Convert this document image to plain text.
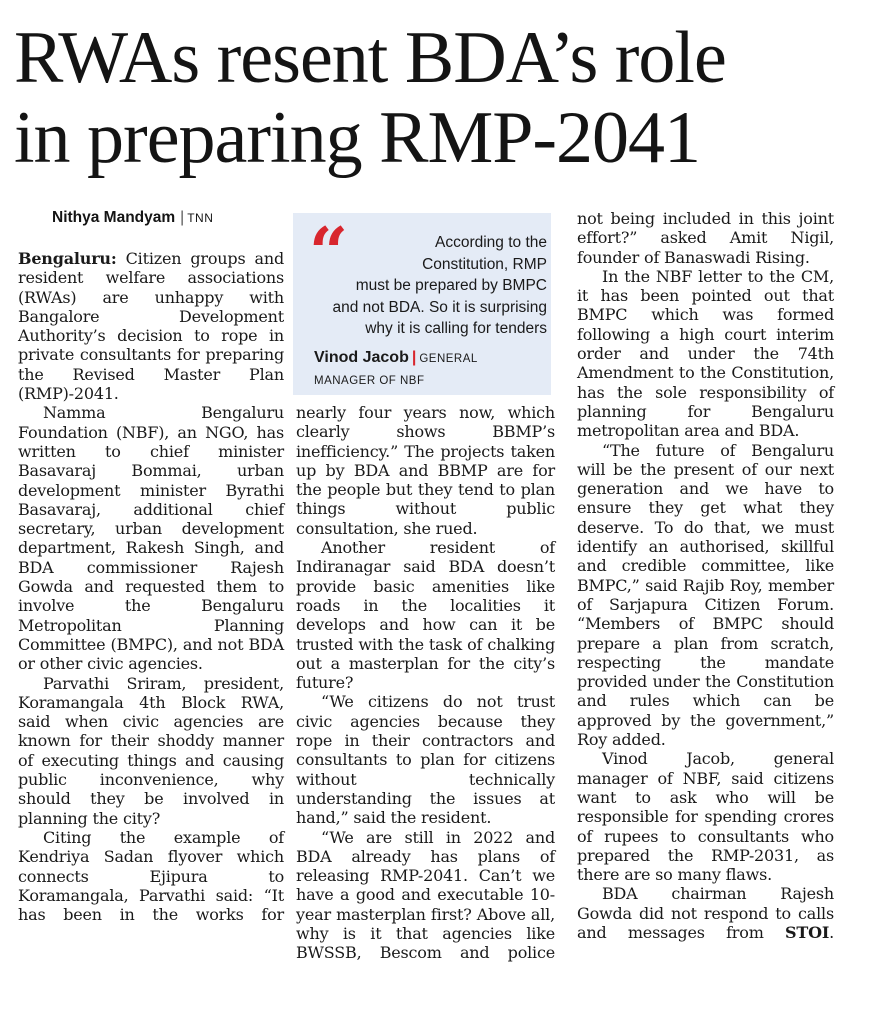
RWAs resent BDA’s role
in preparing RMP-2041
Nithya Mandyam | TNN

Bengaluru: Citizen groups and resident welfare associations (RWAs) are unhappy with Bangalore Development Authority’s decision to rope in private consultants for preparing the Revised Master Plan (RMP)-2041.

Namma Bengaluru Foundation (NBF), an NGO, has written to chief minister Basavaraj Bommai, urban development minister Byrathi Basavaraj, additional chief secretary, urban development department, Rakesh Singh, and BDA commissioner Rajesh Gowda and requested them to involve the Bengaluru Metropolitan Planning Committee (BMPC), and not BDA or other civic agencies.

Parvathi Sriram, president, Koramangala 4th Block RWA, said when civic agencies are known for their shoddy manner of executing things and causing public inconvenience, why should they be involved in planning the city?

Citing the example of Kendriya Sadan flyover which connects Ejipura to Koramangala, Parvathi said: “It has been in the works for

“	According to the
Constitution, RMP
must be prepared by BMPC
and not BDA. So it is surprising
why it is calling for tenders
Vinod Jacob | GENERAL
MANAGER OF NBF

nearly four years now, which clearly shows BBMP’s inefficiency.” The projects taken up by BDA and BBMP are for the people but they tend to plan things without public consultation, she rued.

Another resident of Indiranagar said BDA doesn’t provide basic amenities like roads in the localities it develops and how can it be trusted with the task of chalking out a masterplan for the city’s future?

“We citizens do not trust civic agencies because they rope in their contractors and consultants to plan for citizens without technically understanding the issues at hand,” said the resident.

“We are still in 2022 and BDA already has plans of releasing RMP-2041. Can’t we have a good and executable 10-year masterplan first? Above all, why is it that agencies like BWSSB, Bescom and police

not being included in this joint effort?” asked Amit Nigil, founder of Banaswadi Rising.

In the NBF letter to the CM, it has been pointed out that BMPC which was formed following a high court interim order and under the 74th Amendment to the Constitution, has the sole responsibility of planning for Bengaluru metropolitan area and BDA.

“The future of Bengaluru will be the present of our next generation and we have to ensure they get what they deserve. To do that, we must identify an authorised, skillful and credible committee, like BMPC,” said Rajib Roy, member of Sarjapura Citizen Forum. “Members of BMPC should prepare a plan from scratch, respecting the mandate provided under the Constitution and rules which can be approved by the government,” Roy added.

Vinod Jacob, general manager of NBF, said citizens want to ask who will be responsible for spending crores of rupees to consultants who prepared the RMP-2031, as there are so many flaws.

BDA chairman Rajesh Gowda did not respond to calls and messages from STOI.
